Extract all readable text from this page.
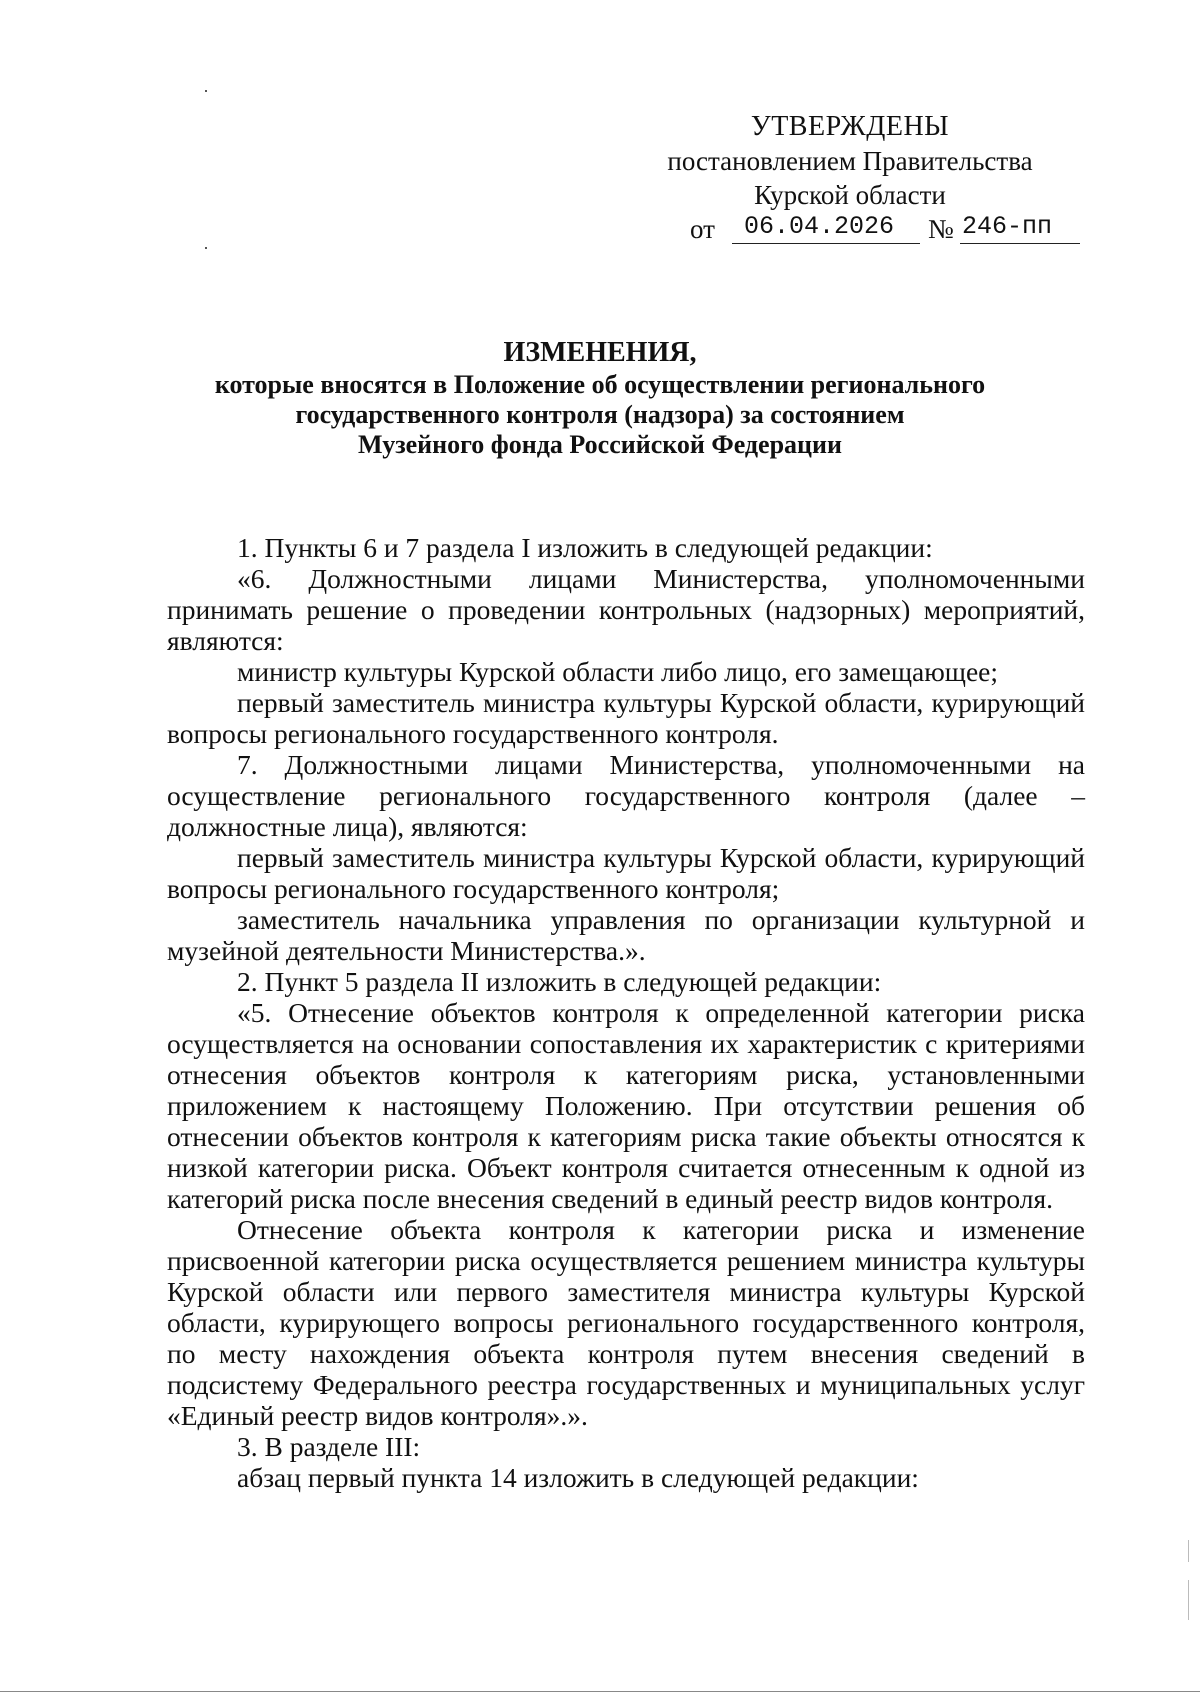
УТВЕРЖДЕНЫ
постановлением Правительства
Курской области
от	06.04.2026	№ 246-пп
ИЗМЕНЕНИЯ,
которые вносятся в Положение об осуществлении регионального
государственного контроля (надзора) за состоянием
Музейного фонда Российской Федерации

1. Пункты 6 и 7 раздела I изложить в следующей редакции:

«6. Должностными лицами Министерства, уполномоченными принимать решение о проведении контрольных (надзорных) мероприятий, являются:

министр культуры Курской области либо лицо, его замещающее;

первый заместитель министра культуры Курской области, курирующий вопросы регионального государственного контроля.

7. Должностными лицами Министерства, уполномоченными на осуществление регионального государственного контроля (далее – должностные лица), являются:

первый заместитель министра культуры Курской области, курирующий вопросы регионального государственного контроля;

заместитель начальника управления по организации культурной и музейной деятельности Министерства.».

2. Пункт 5 раздела II изложить в следующей редакции:

«5. Отнесение объектов контроля к определенной категории риска осуществляется на основании сопоставления их характеристик с критериями отнесения объектов контроля к категориям риска, установленными приложением к настоящему Положению. При отсутствии решения об отнесении объектов контроля к категориям риска такие объекты относятся к низкой категории риска. Объект контроля считается отнесенным к одной из категорий риска после внесения сведений в единый реестр видов контроля.

Отнесение объекта контроля к категории риска и изменение присвоенной категории риска осуществляется решением министра культуры Курской области или первого заместителя министра культуры Курской области, курирующего вопросы регионального государственного контроля, по месту нахождения объекта контроля путем внесения сведений в подсистему Федерального реестра государственных и муниципальных услуг «Единый реестр видов контроля».».

3. В разделе III:

абзац первый пункта 14 изложить в следующей редакции:
